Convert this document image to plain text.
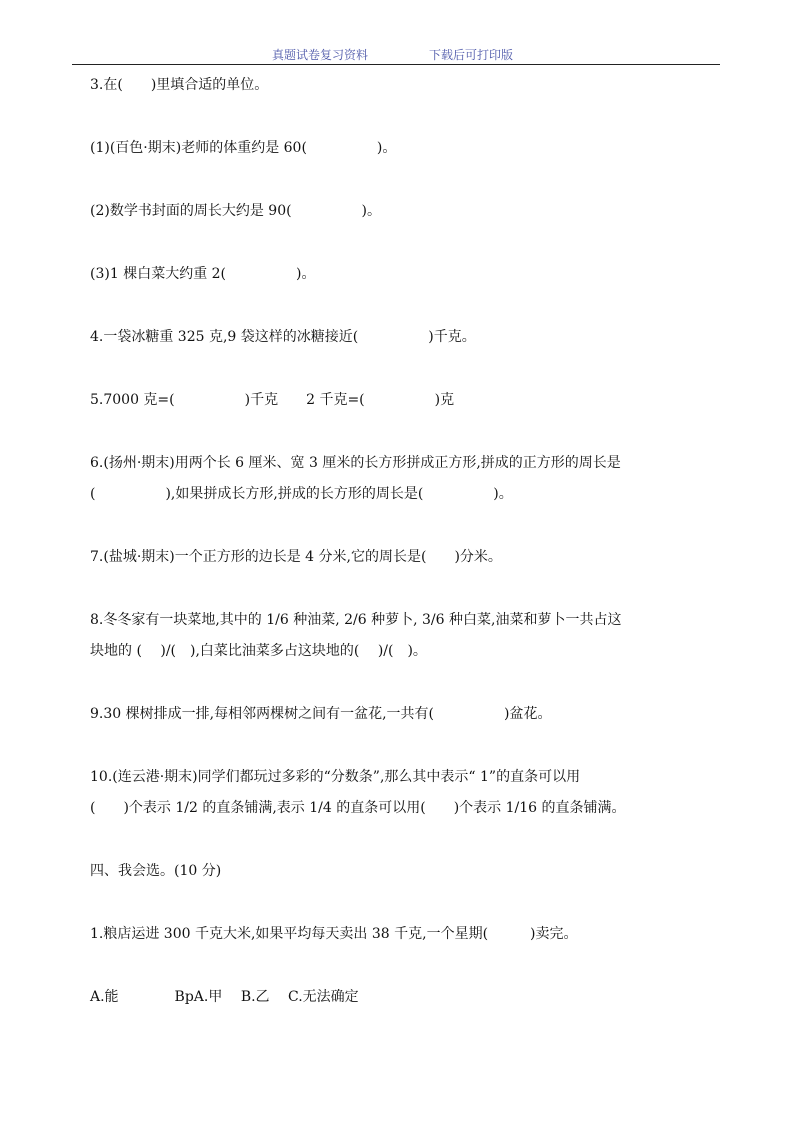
真题试卷复习资料	下载后可打印版
3.在(　　)里填合适的单位。
(1)(百色·期末)老师的体重约是 60(　　　　　)。
(2)数学书封面的周长大约是 90(　　　　　)。
(3)1 棵白菜大约重 2(　　　　　)。
4.一袋冰糖重 325 克,9 袋这样的冰糖接近(　　　　　)千克。
5.7000 克=(　　　　　)千克　　2 千克=(　　　　　)克
6.(扬州·期末)用两个长 6 厘米、宽 3 厘米的长方形拼成正方形,拼成的正方形的周长是
(　　　　　),如果拼成长方形,拼成的长方形的周长是(　　　　　)。
7.(盐城·期末)一个正方形的边长是 4 分米,它的周长是(　　)分米。
8.冬冬家有一块菜地,其中的 1/6 种油菜, 2/6 种萝卜, 3/6 种白菜,油菜和萝卜一共占这
块地的 (　 )/(　),白菜比油菜多占这块地的(　 )/(　)。
9.30 棵树排成一排,每相邻两棵树之间有一盆花,一共有(　　　　　)盆花。
10.(连云港·期末)同学们都玩过多彩的“分数条”,那么其中表示“ 1”的直条可以用
(　　)个表示 1/2 的直条铺满,表示 1/4 的直条可以用(　　)个表示 1/16 的直条铺满。
四、我会选。(10 分)
1.粮店运进 300 千克大米,如果平均每天卖出 38 千克,一个星期(　　　)卖完。
A.能　　　　BpA.甲　 B.乙　 C.无法确定
